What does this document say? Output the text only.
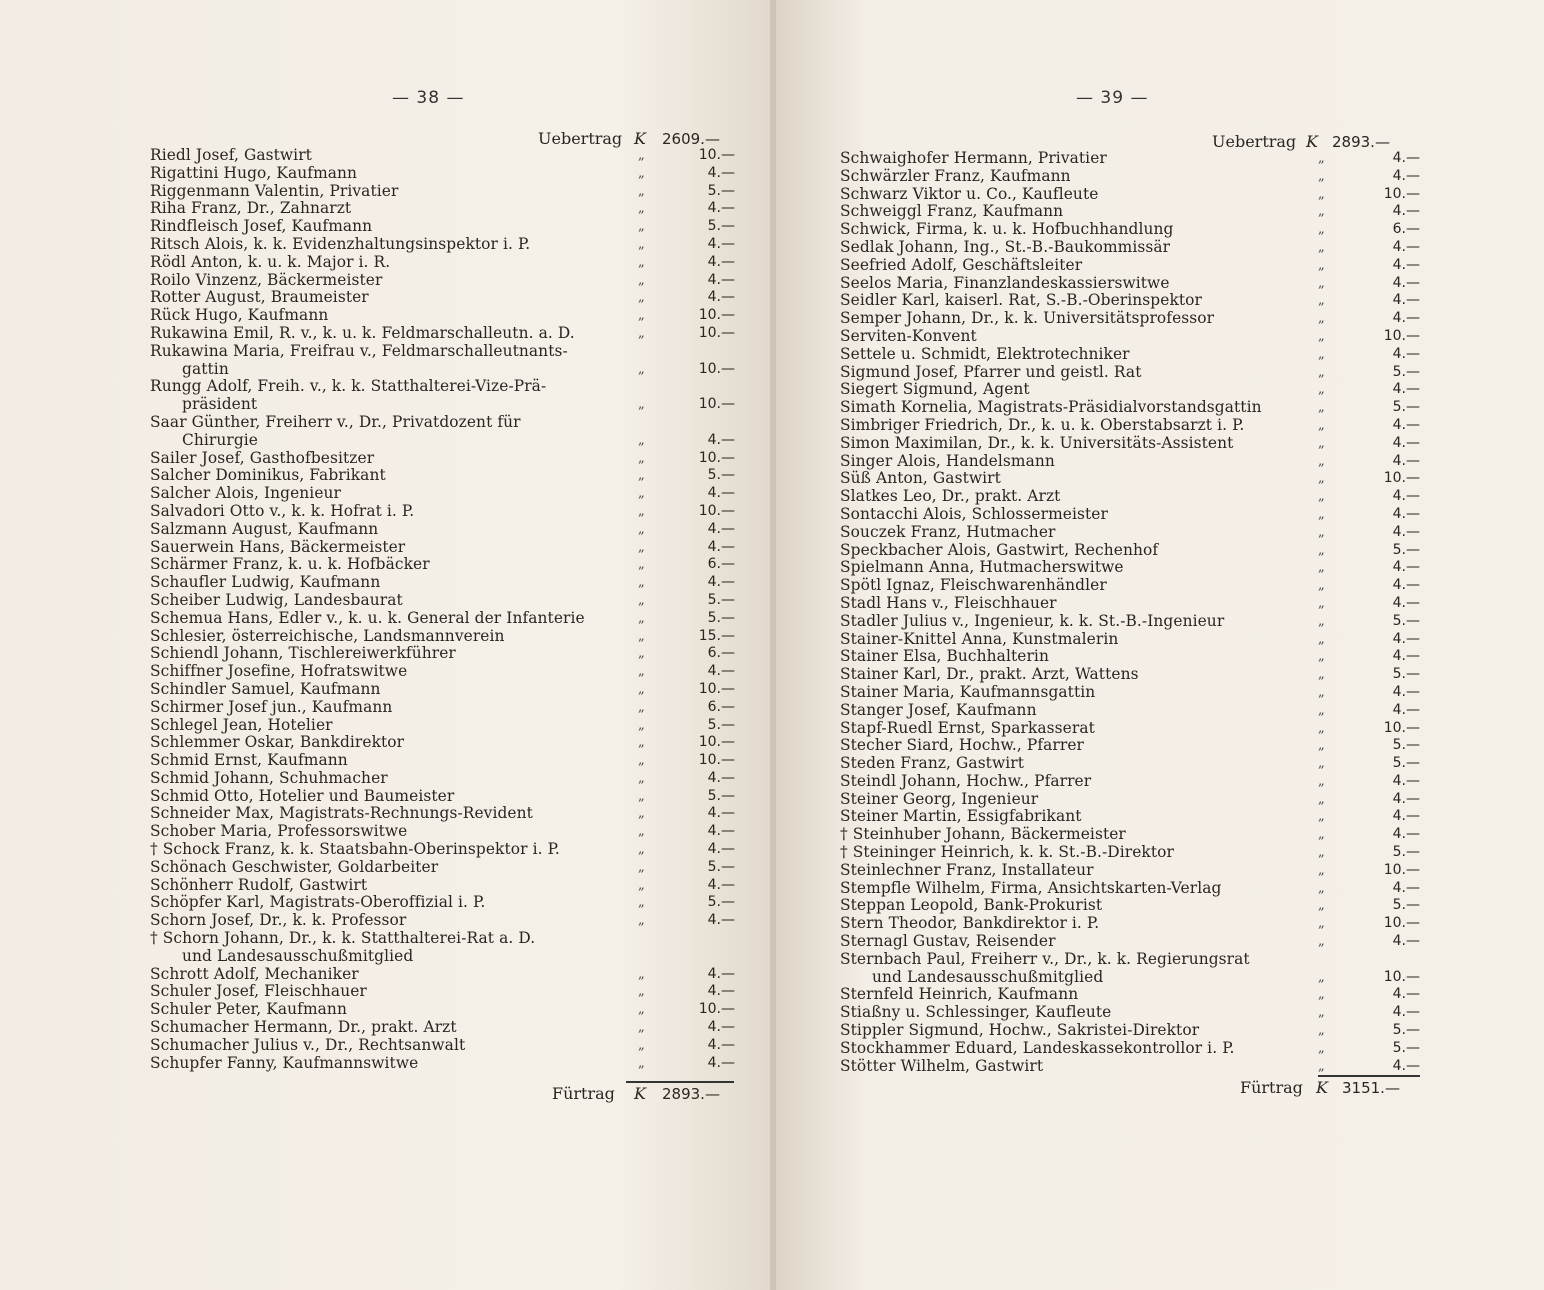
— 38 —
Uebertrag K 2609.—
Riedl Josef, Gastwirt	„	10.—
Rigattini Hugo, Kaufmann	„	4.—
Riggenmann Valentin, Privatier	„	5.—
Riha Franz, Dr., Zahnarzt	„	4.—
Rindfleisch Josef, Kaufmann	„	5.—
Ritsch Alois, k. k. Evidenzhaltungsinspektor i. P.	„	4.—
Rödl Anton, k. u. k. Major i. R.	„	4.—
Roilo Vinzenz, Bäckermeister	„	4.—
Rotter August, Braumeister	„	4.—
Rück Hugo, Kaufmann	„	10.—
Rukawina Emil, R. v., k. u. k. Feldmarschalleutn. a. D.	„	10.—
Rukawina Maria, Freifrau v., Feldmarschalleutnants-
gattin	„	10.—
Rungg Adolf, Freih. v., k. k. Statthalterei-Vize-Prä-
präsident	„	10.—
Saar Günther, Freiherr v., Dr., Privatdozent für
Chirurgie	„	4.—
Sailer Josef, Gasthofbesitzer	„	10.—
Salcher Dominikus, Fabrikant	„	5.—
Salcher Alois, Ingenieur	„	4.—
Salvadori Otto v., k. k. Hofrat i. P.	„	10.—
Salzmann August, Kaufmann	„	4.—
Sauerwein Hans, Bäckermeister	„	4.—
Schärmer Franz, k. u. k. Hofbäcker	„	6.—
Schaufler Ludwig, Kaufmann	„	4.—
Scheiber Ludwig, Landesbaurat	„	5.—
Schemua Hans, Edler v., k. u. k. General der Infanterie	„	5.—
Schlesier, österreichische, Landsmannverein	„	15.—
Schiendl Johann, Tischlereiwerkführer	„	6.—
Schiffner Josefine, Hofratswitwe	„	4.—
Schindler Samuel, Kaufmann	„	10.—
Schirmer Josef jun., Kaufmann	„	6.—
Schlegel Jean, Hotelier	„	5.—
Schlemmer Oskar, Bankdirektor	„	10.—
Schmid Ernst, Kaufmann	„	10.—
Schmid Johann, Schuhmacher	„	4.—
Schmid Otto, Hotelier und Baumeister	„	5.—
Schneider Max, Magistrats-Rechnungs-Revident	„	4.—
Schober Maria, Professorswitwe	„	4.—
† Schock Franz, k. k. Staatsbahn-Oberinspektor i. P.	„	4.—
Schönach Geschwister, Goldarbeiter	„	5.—
Schönherr Rudolf, Gastwirt	„	4.—
Schöpfer Karl, Magistrats-Oberoffizial i. P.	„	5.—
Schorn Josef, Dr., k. k. Professor	„	4.—
† Schorn Johann, Dr., k. k. Statthalterei-Rat a. D.
und Landesausschußmitglied
Schrott Adolf, Mechaniker	„	4.—
Schuler Josef, Fleischhauer	„	4.—
Schuler Peter, Kaufmann	„	10.—
Schumacher Hermann, Dr., prakt. Arzt	„	4.—
Schumacher Julius v., Dr., Rechtsanwalt	„	4.—
Schupfer Fanny, Kaufmannswitwe	„	4.—
Fürtrag K 2893.—
— 39 —
Uebertrag K 2893.—
Schwaighofer Hermann, Privatier	„	4.—
Schwärzler Franz, Kaufmann	„	4.—
Schwarz Viktor u. Co., Kaufleute	„	10.—
Schweiggl Franz, Kaufmann	„	4.—
Schwick, Firma, k. u. k. Hofbuchhandlung	„	6.—
Sedlak Johann, Ing., St.-B.-Baukommissär	„	4.—
Seefried Adolf, Geschäftsleiter	„	4.—
Seelos Maria, Finanzlandeskassierswitwe	„	4.—
Seidler Karl, kaiserl. Rat, S.-B.-Oberinspektor	„	4.—
Semper Johann, Dr., k. k. Universitätsprofessor	„	4.—
Serviten-Konvent	„	10.—
Settele u. Schmidt, Elektrotechniker	„	4.—
Sigmund Josef, Pfarrer und geistl. Rat	„	5.—
Siegert Sigmund, Agent	„	4.—
Simath Kornelia, Magistrats-Präsidialvorstandsgattin	„	5.—
Simbriger Friedrich, Dr., k. u. k. Oberstabsarzt i. P.	„	4.—
Simon Maximilan, Dr., k. k. Universitäts-Assistent	„	4.—
Singer Alois, Handelsmann	„	4.—
Süß Anton, Gastwirt	„	10.—
Slatkes Leo, Dr., prakt. Arzt	„	4.—
Sontacchi Alois, Schlossermeister	„	4.—
Souczek Franz, Hutmacher	„	4.—
Speckbacher Alois, Gastwirt, Rechenhof	„	5.—
Spielmann Anna, Hutmacherswitwe	„	4.—
Spötl Ignaz, Fleischwarenhändler	„	4.—
Stadl Hans v., Fleischhauer	„	4.—
Stadler Julius v., Ingenieur, k. k. St.-B.-Ingenieur	„	5.—
Stainer-Knittel Anna, Kunstmalerin	„	4.—
Stainer Elsa, Buchhalterin	„	4.—
Stainer Karl, Dr., prakt. Arzt, Wattens	„	5.—
Stainer Maria, Kaufmannsgattin	„	4.—
Stanger Josef, Kaufmann	„	4.—
Stapf-Ruedl Ernst, Sparkasserat	„	10.—
Stecher Siard, Hochw., Pfarrer	„	5.—
Steden Franz, Gastwirt	„	5.—
Steindl Johann, Hochw., Pfarrer	„	4.—
Steiner Georg, Ingenieur	„	4.—
Steiner Martin, Essigfabrikant	„	4.—
† Steinhuber Johann, Bäckermeister	„	4.—
† Steininger Heinrich, k. k. St.-B.-Direktor	„	5.—
Steinlechner Franz, Installateur	„	10.—
Stempfle Wilhelm, Firma, Ansichtskarten-Verlag	„	4.—
Steppan Leopold, Bank-Prokurist	„	5.—
Stern Theodor, Bankdirektor i. P.	„	10.—
Sternagl Gustav, Reisender	„	4.—
Sternbach Paul, Freiherr v., Dr., k. k. Regierungsrat
und Landesausschußmitglied	„	10.—
Sternfeld Heinrich, Kaufmann	„	4.—
Stiaßny u. Schlessinger, Kaufleute	„	4.—
Stippler Sigmund, Hochw., Sakristei-Direktor	„	5.—
Stockhammer Eduard, Landeskassekontrollor i. P.	„	5.—
Stötter Wilhelm, Gastwirt	„	4.—
Fürtrag K 3151.—
